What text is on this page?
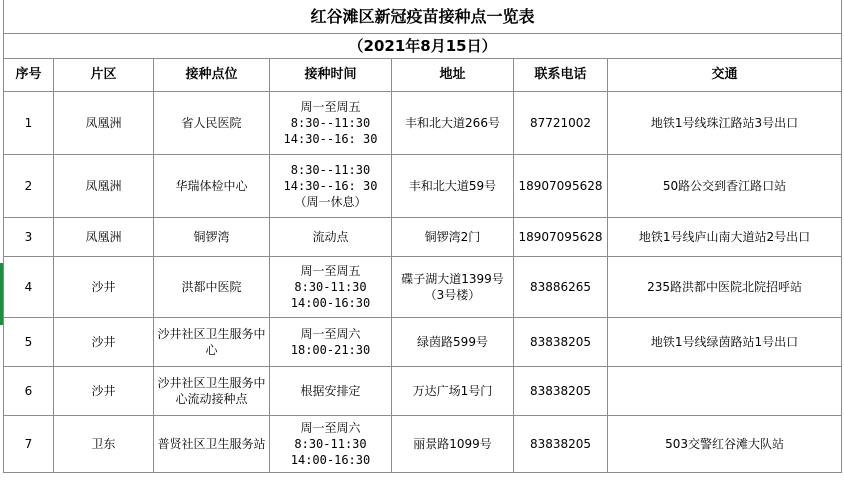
红谷滩区新冠疫苗接种点一览表						
（2021年8月15日）						
序号	片区	接种点位	接种时间	地址	联系电话	交通
1	凤凰洲	省人民医院	周一至周五
8:30--11:30
14:30--16: 30	丰和北大道266号	87721002	地铁1号线珠江路站3号出口
2	凤凰洲	华瑞体检中心	8:30--11:30
14:30--16: 30
（周一休息）	丰和北大道59号	18907095628	50路公交到香江路口站
3	凤凰洲	铜锣湾	流动点	铜锣湾2门	18907095628	地铁1号线庐山南大道站2号出口
4	沙井	洪都中医院	周一至周五
8:30-11:30
14:00-16:30	碟子湖大道1399号（3号楼）	83886265	235路洪都中医院北院招呼站
5	沙井	沙井社区卫生服务中心	周一至周六
18:00-21:30	绿茵路599号	83838205	地铁1号线绿茵路站1号出口
6	沙井	沙井社区卫生服务中心流动接种点	根据安排定	万达广场1号门	83838205	
7	卫东	普贤社区卫生服务站	周一至周六
8:30-11:30
14:00-16:30	丽景路1099号	83838205	503交警红谷滩大队站
